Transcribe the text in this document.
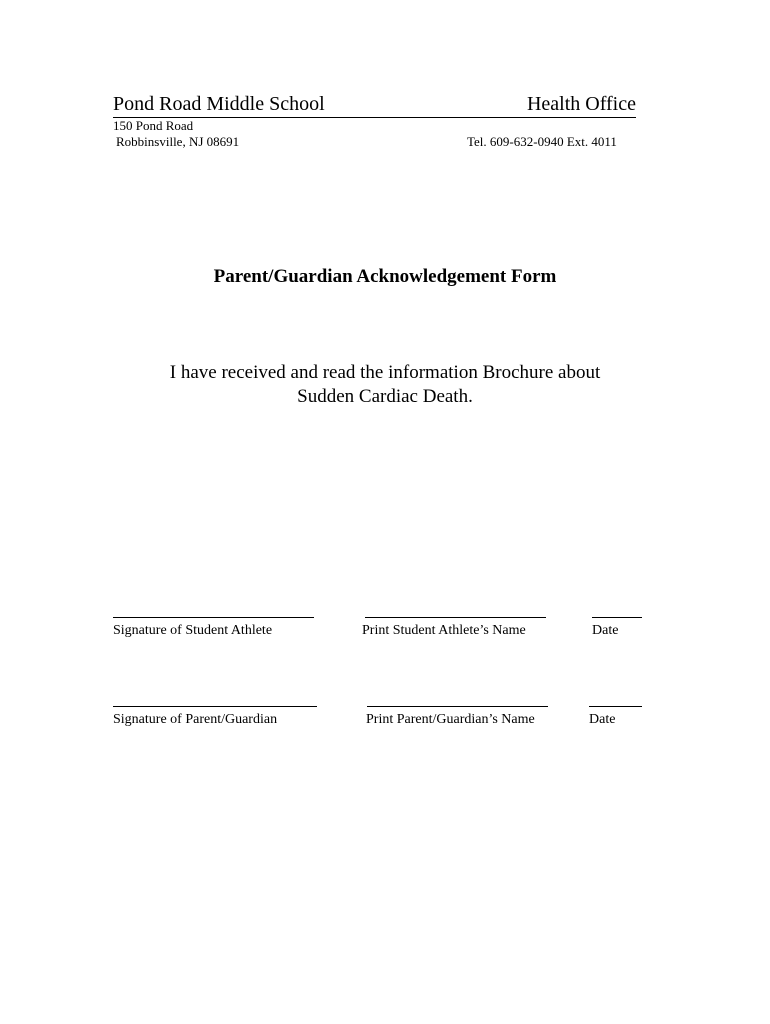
Pond Road Middle School	Health Office
150 Pond Road
Robbinsville, NJ 08691	Tel. 609-632-0940 Ext. 4011
Parent/Guardian Acknowledgement Form
I have received and read the information Brochure about
Sudden Cardiac Death.
Signature of Student Athlete	Print Student Athlete’s Name	Date
Signature of Parent/Guardian	Print Parent/Guardian’s Name	Date
